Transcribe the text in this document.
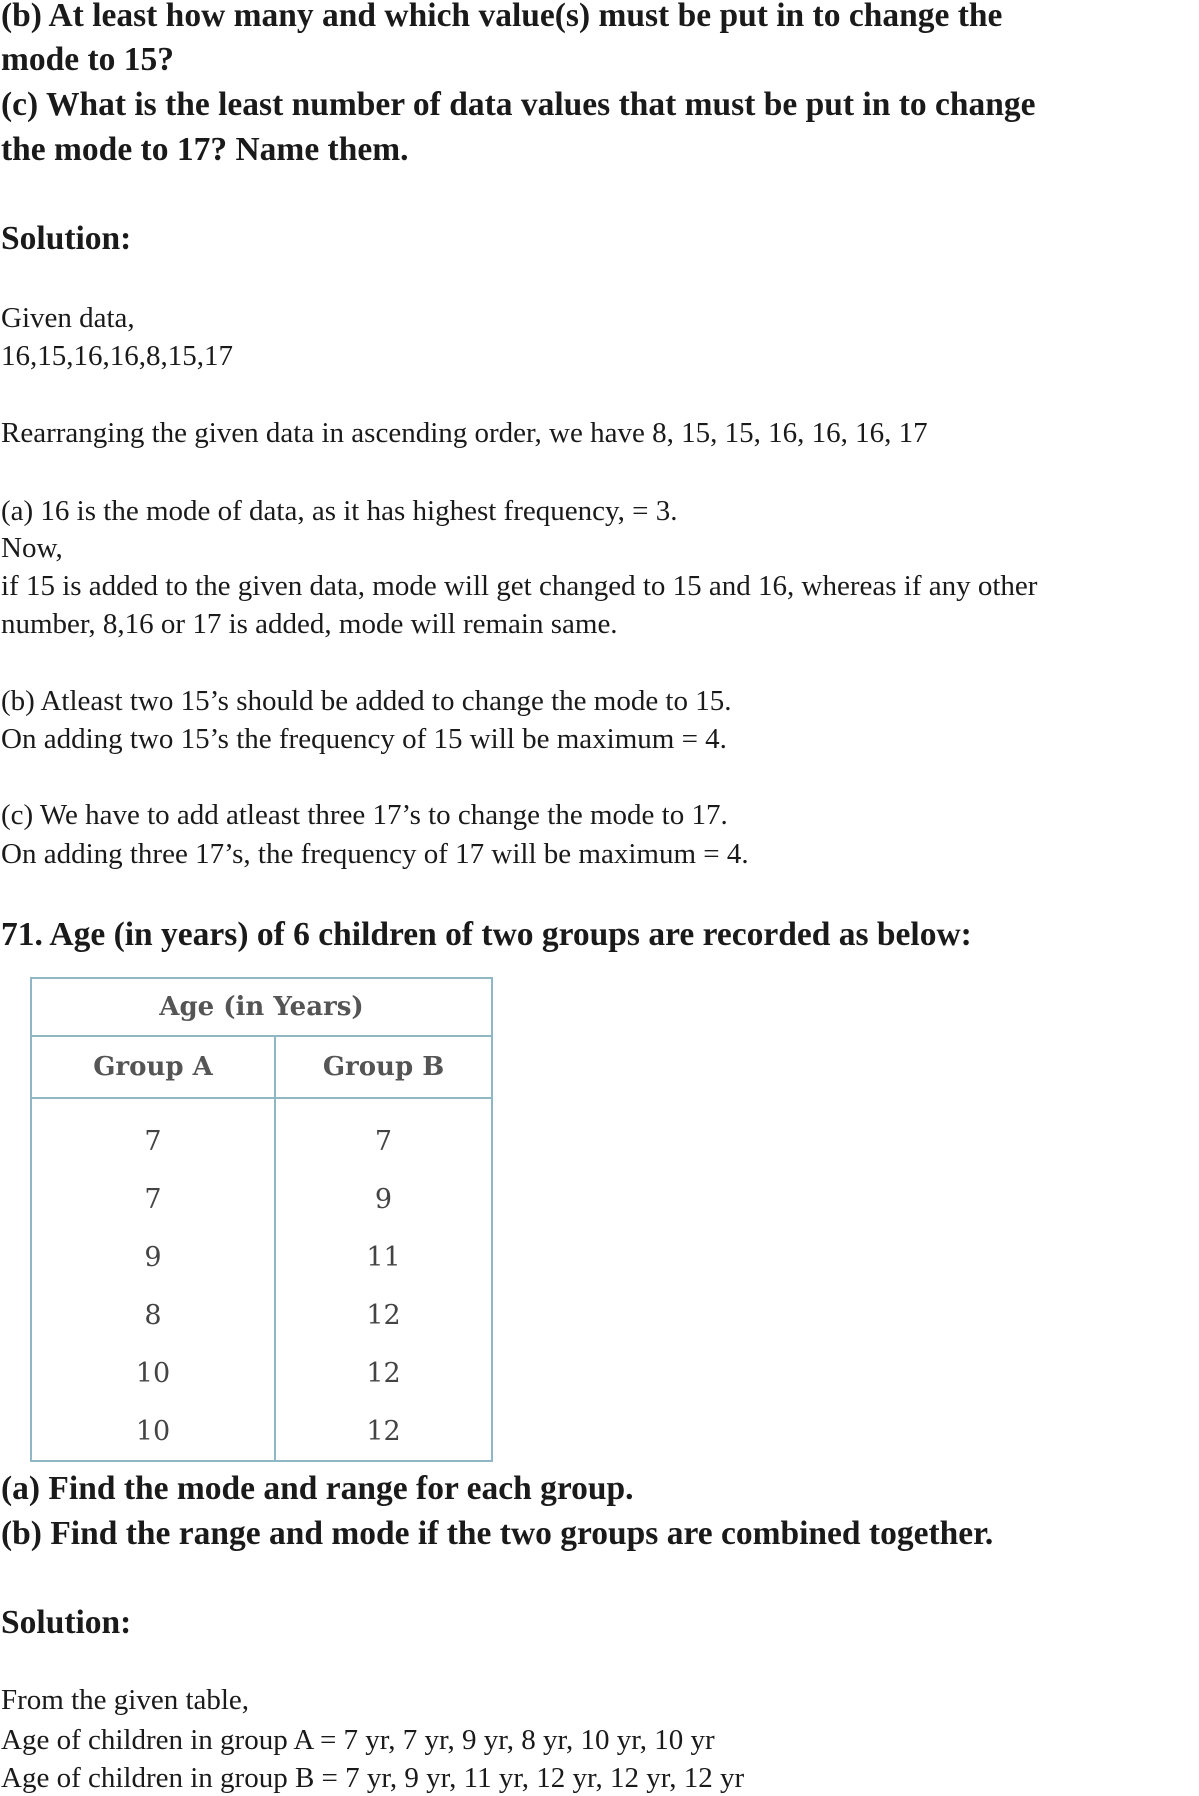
(b) At least how many and which value(s) must be put in to change the
mode to 15?
(c) What is the least number of data values that must be put in to change
the mode to 17? Name them.
Solution:
Given data,
16,15,16,16,8,15,17
Rearranging the given data in ascending order, we have 8, 15, 15, 16, 16, 16, 17
(a) 16 is the mode of data, as it has highest frequency, = 3.
Now,
if 15 is added to the given data, mode will get changed to 15 and 16, whereas if any other
number, 8,16 or 17 is added, mode will remain same.
(b) Atleast two 15’s should be added to change the mode to 15.
On adding two 15’s the frequency of 15 will be maximum = 4.
(c) We have to add atleast three 17’s to change the mode to 17.
On adding three 17’s, the frequency of 17 will be maximum = 4.
71. Age (in years) of 6 children of two groups are recorded as below:
Age (in Years)	
Group A	Group B
7	7
7	9
9	11
8	12
10	12
10	12
(a) Find the mode and range for each group.
(b) Find the range and mode if the two groups are combined together.
Solution:
From the given table,
Age of children in group A = 7 yr, 7 yr, 9 yr, 8 yr, 10 yr, 10 yr
Age of children in group B = 7 yr, 9 yr, 11 yr, 12 yr, 12 yr, 12 yr
